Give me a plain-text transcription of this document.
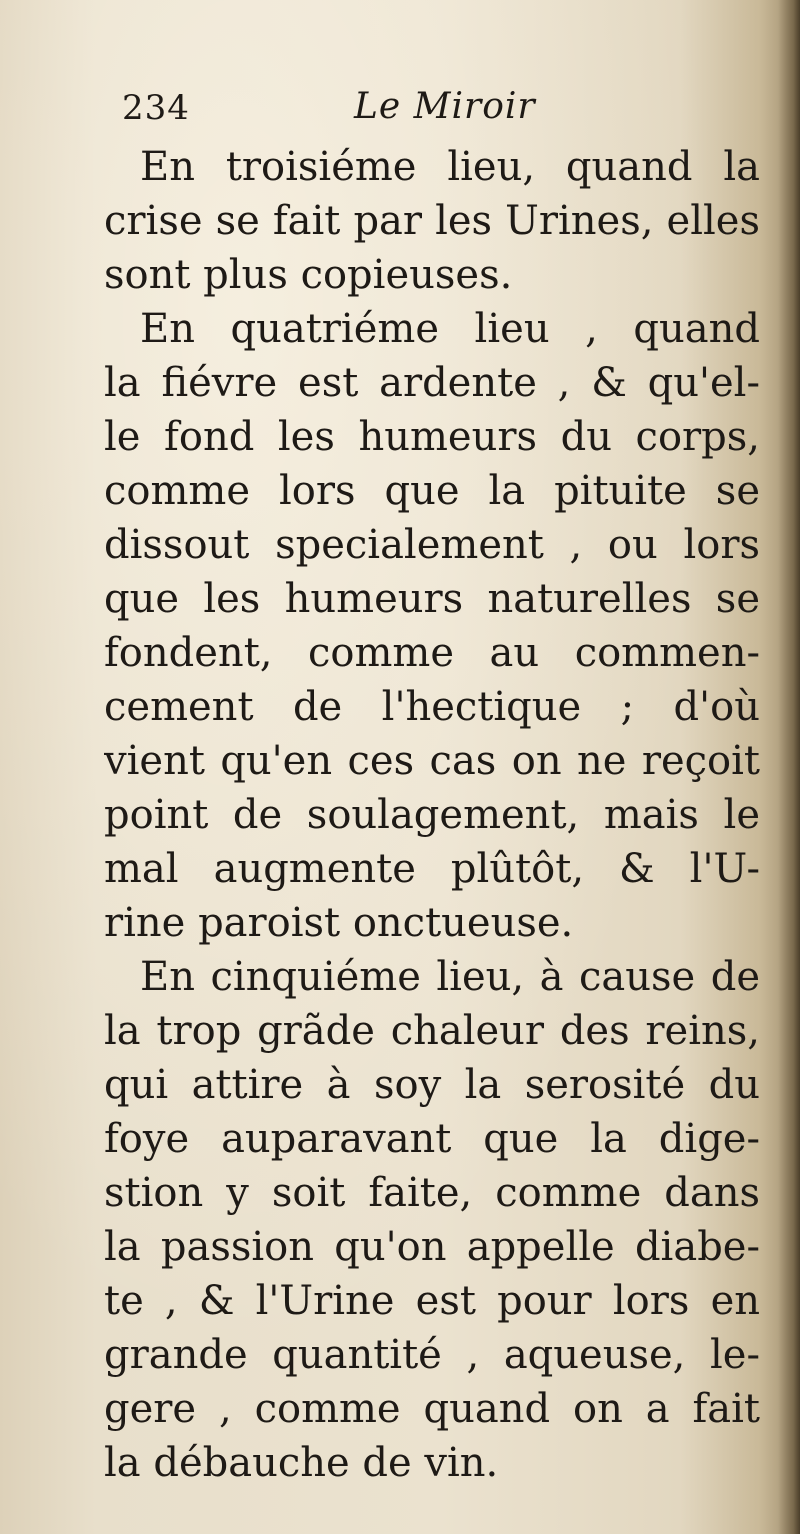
234	Le Miroir
En troisiéme lieu, quand la
crise se fait par les Urines, elles
sont plus copieuses.
En quatriéme lieu , quand
la fiévre est ardente , & qu'el-
le fond les humeurs du corps,
comme lors que la pituite se
dissout specialement , ou lors
que les humeurs naturelles se
fondent, comme au commen-
cement de l'hectique ; d'où
vient qu'en ces cas on ne reçoit
point de soulagement, mais le
mal augmente plûtôt, & l'U-
rine paroist onctueuse.
En cinquiéme lieu, à cause de
la trop grãde chaleur des reins,
qui attire à soy la serosité du
foye auparavant que la dige-
stion y soit faite, comme dans
la passion qu'on appelle diabe-
te , & l'Urine est pour lors en
grande quantité , aqueuse, le-
gere , comme quand on a fait
la débauche de vin.
